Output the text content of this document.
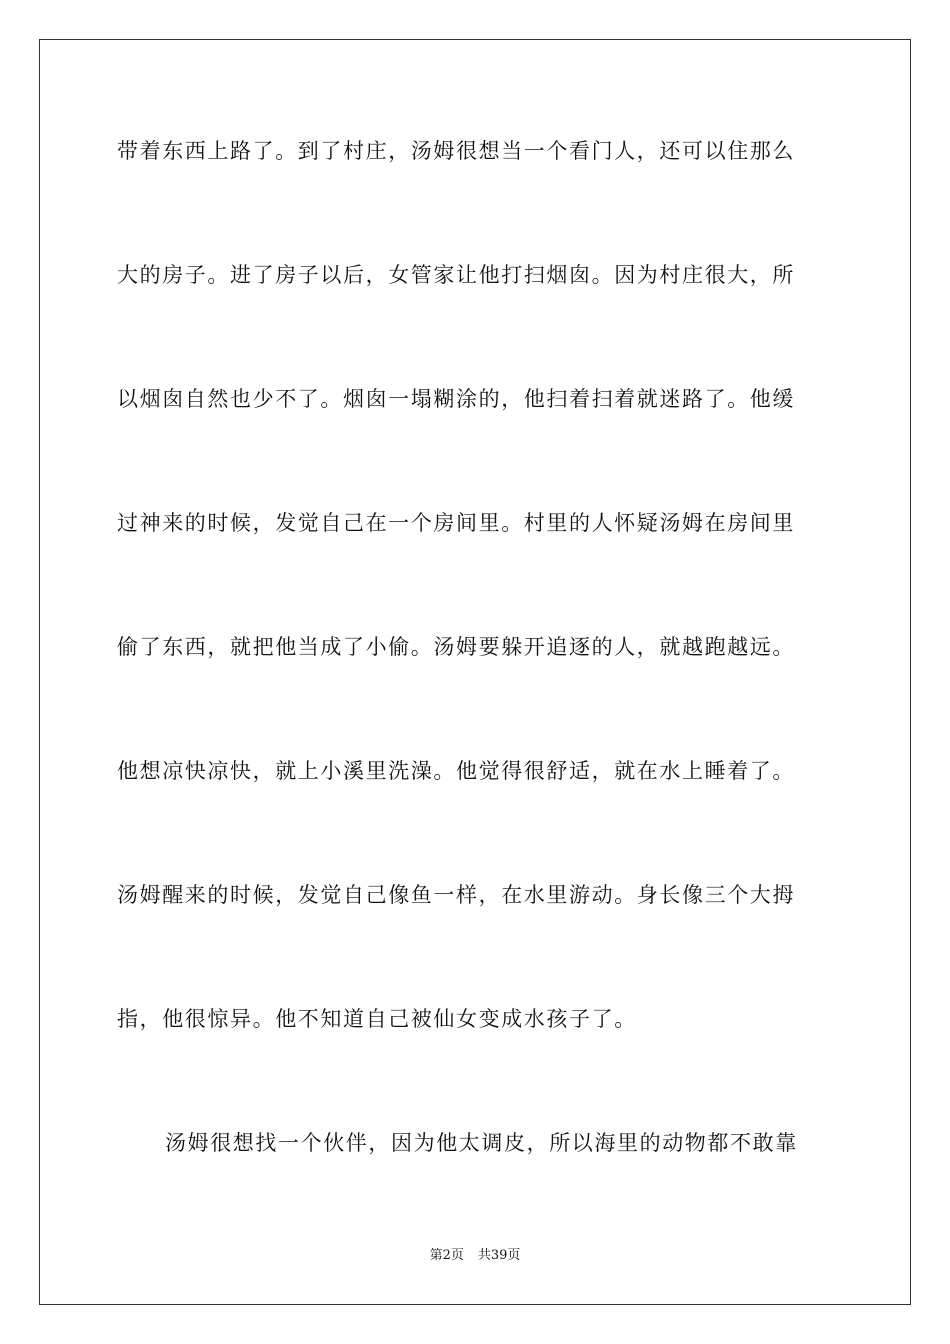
带着东西上路了。到了村庄，汤姆很想当一个看门人，还可以住那么
大的房子。进了房子以后，女管家让他打扫烟囱。因为村庄很大，所
以烟囱自然也少不了。烟囱一塌糊涂的，他扫着扫着就迷路了。他缓
过神来的时候，发觉自己在一个房间里。村里的人怀疑汤姆在房间里
偷了东西，就把他当成了小偷。汤姆要躲开追逐的人，就越跑越远。
他想凉快凉快，就上小溪里洗澡。他觉得很舒适，就在水上睡着了。
汤姆醒来的时候，发觉自己像鱼一样，在水里游动。身长像三个大拇
指，他很惊异。他不知道自己被仙女变成水孩子了。
汤姆很想找一个伙伴，因为他太调皮，所以海里的动物都不敢靠
第2页 共39页
